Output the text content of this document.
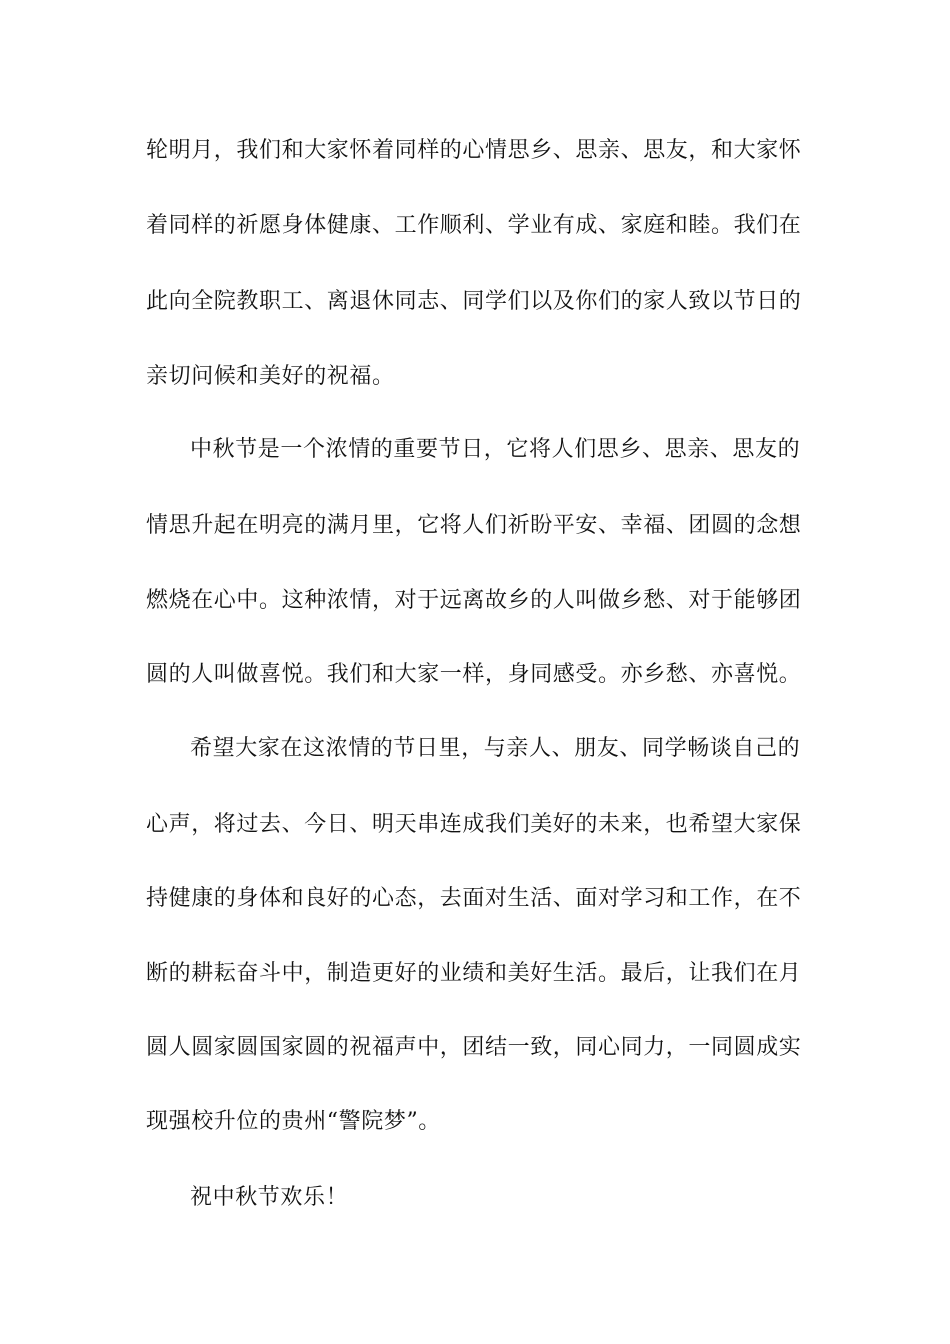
轮明月，我们和大家怀着同样的心情思乡、思亲、思友，和大家怀
着同样的祈愿身体健康、工作顺利、学业有成、家庭和睦。我们在
此向全院教职工、离退休同志、同学们以及你们的家人致以节日的
亲切问候和美好的祝福。
中秋节是一个浓情的重要节日，它将人们思乡、思亲、思友的
情思升起在明亮的满月里，它将人们祈盼平安、幸福、团圆的念想
燃烧在心中。这种浓情，对于远离故乡的人叫做乡愁、对于能够团
圆的人叫做喜悦。我们和大家一样，身同感受。亦乡愁、亦喜悦。
希望大家在这浓情的节日里，与亲人、朋友、同学畅谈自己的
心声，将过去、今日、明天串连成我们美好的未来，也希望大家保
持健康的身体和良好的心态，去面对生活、面对学习和工作，在不
断的耕耘奋斗中，制造更好的业绩和美好生活。最后，让我们在月
圆人圆家圆国家圆的祝福声中，团结一致，同心同力，一同圆成实
现强校升位的贵州“警院梦”。
祝中秋节欢乐！
